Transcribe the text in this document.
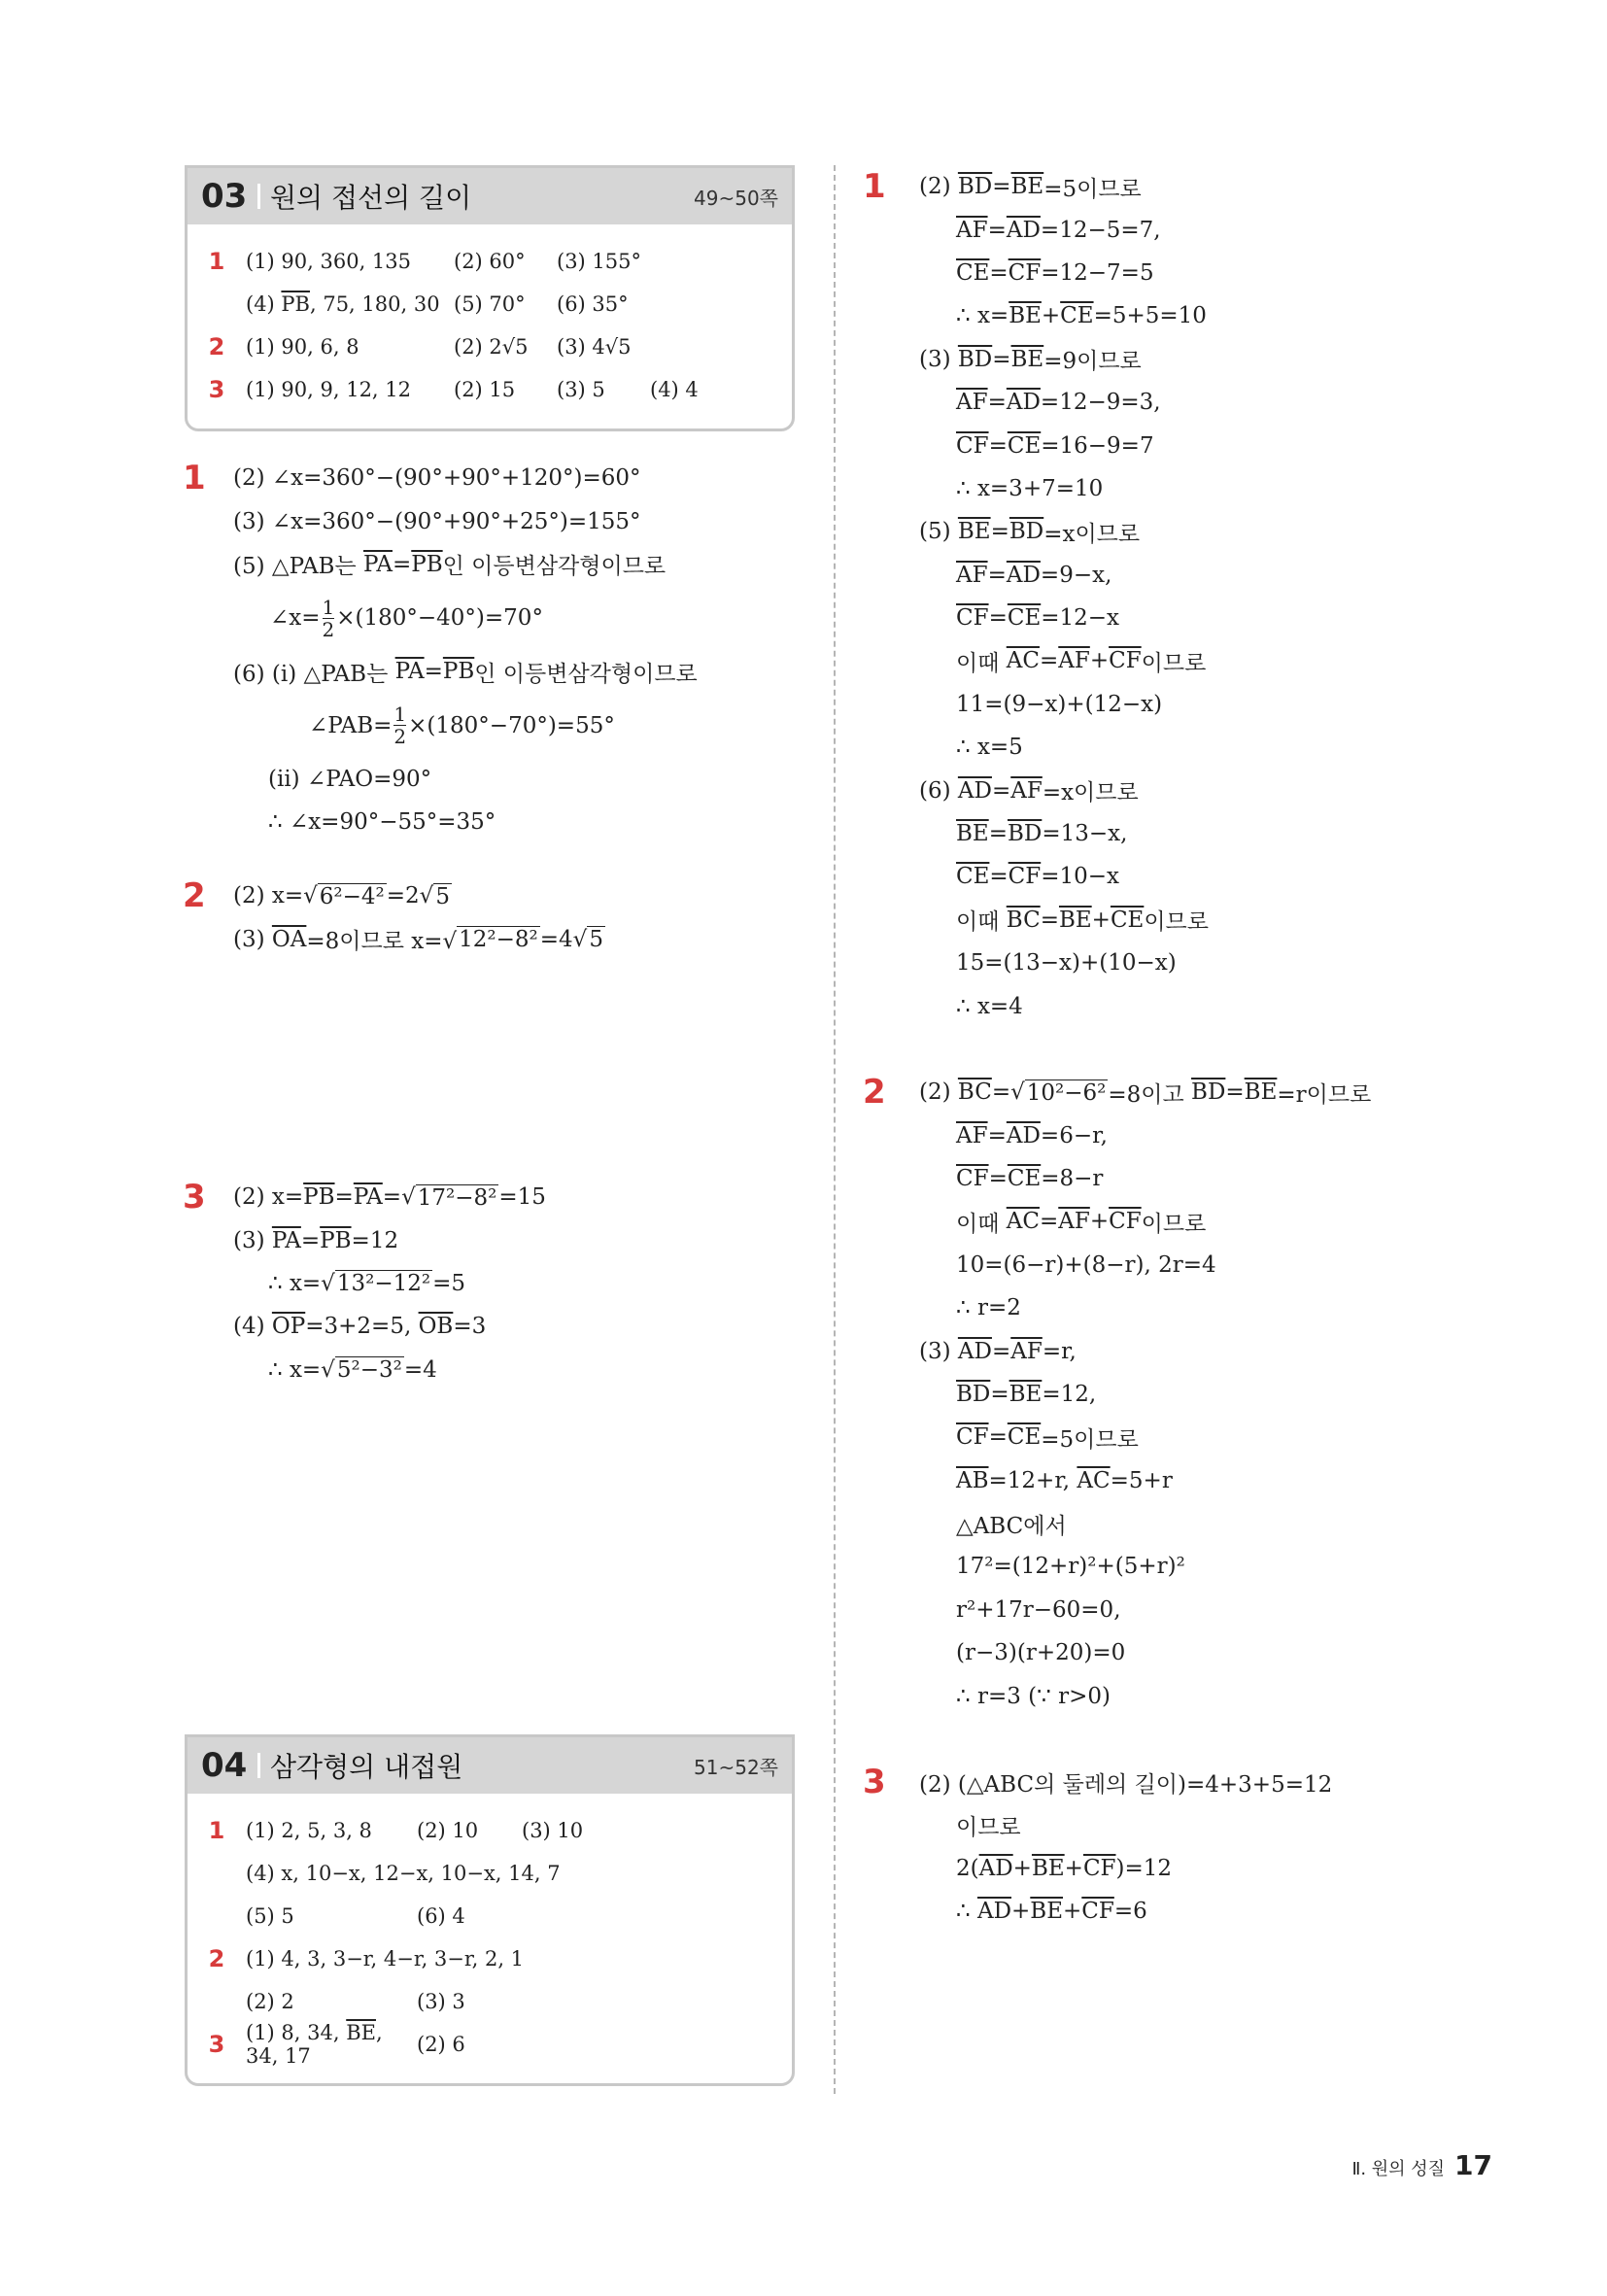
03 원의 접선의 길이	49~50쪽
1	(1) 90, 360, 135	(2) 60°	(3) 155°
(4) $\overline{PB}$, 75, 180, 30 (5) 70°	(6) 35°
2	(1) 90, 6, 8	(2) 2√5	(3) 4√5
3	(1) 90, 9, 12, 12	(2) 15	(3) 5	(4) 4
1 (2) ∠x=360°−(90°+90°+120°)=60°
(3) ∠x=360°−(90°+90°+25°)=155°
(5) △PAB는 $\overline{PA} = \overline{PB}$ 인 이등변삼각형이므로
∠x= $\frac{1}{2} \times(180^\circ-40^\circ)=70^\circ$
(6) (i) △PAB는 $\overline{PA} = \overline{PB}$ 인 이등변삼각형이므로
∠PAB= $\frac{1}{2} \times(180^\circ-70^\circ)=55^\circ$
(ii) ∠PAO=90°
∴ ∠x=90°−55°=35°
2 (2) x=√ 6²−4² =2√ 5
(3) $\overline{OA} =8$이므로 x=√ 12²−8² =4√ 5
3 (2) $x= \overline{PB} = \overline{PA}$ =√ 17²−8² =15
(3) $\overline{PA} = \overline{PB} =12$
∴ x=√ 13²−12² =5
(4) $\overline{OP} =3+2=5$, $\overline{OB} =3$
∴ x=√ 5²−3² =4
04 삼각형의 내접원	51~52쪽
1	(1) 2, 5, 3, 8	(2) 10	(3) 10
(4) x, 10−x, 12−x, 10−x, 14, 7
(5) 5	(6) 4
2	(1) 4, 3, 3−r, 4−r, 3−r, 2, 1
(2) 2	(3) 3
3	(1) 8, 34, $\overline{BE}$, 34, 17	(2) 6
1 (2) $\overline{BD} = \overline{BE} =5$이므로
$\overline{AF} = \overline{AD} =12-5=7$,
$\overline{CE} = \overline{CF} =12-7=5$
∴ $x= \overline{BE} + \overline{CE} =5+5=10$
(3) $\overline{BD} = \overline{BE} =9$이므로
$\overline{AF} = \overline{AD} =12-9=3$,
$\overline{CF} = \overline{CE} =16-9=7$
∴ x=3+7=10
(5) $\overline{BE} = \overline{BD} =x$이므로
$\overline{AF} = \overline{AD} =9-x$,
$\overline{CF} = \overline{CE} =12-x$
이때 $\overline{AC} = \overline{AF} + \overline{CF}$ 이므로
11=(9−x)+(12−x)
∴ x=5
(6) $\overline{AD} = \overline{AF} =x$이므로
$\overline{BE} = \overline{BD} =13-x$,
$\overline{CE} = \overline{CF} =10-x$
이때 $\overline{BC} = \overline{BE} + \overline{CE}$ 이므로
15=(13−x)+(10−x)
∴ x=4
2 (2) $\overline{BC}$ =√ 10²−6² =8이고 $\overline{BD} = \overline{BE} =r$이므로
$\overline{AF} = \overline{AD} =6-r$,
$\overline{CF} = \overline{CE} =8-r$
이때 $\overline{AC} = \overline{AF} + \overline{CF}$ 이므로
10=(6−r)+(8−r), 2r=4
∴ r=2
(3) $\overline{AD} = \overline{AF} =r$,
$\overline{BD} = \overline{BE} =12$,
$\overline{CF} = \overline{CE} =5$이므로
$\overline{AB} =12+r$, $\overline{AC} =5+r$
△ABC에서
17²=(12+r)²+(5+r)²
r²+17r−60=0,
(r−3)(r+20)=0
∴ r=3 (∵ r>0)
3 (2) (△ABC의 둘레의 길이)=4+3+5=12
이므로
2( $\overline{AD} + \overline{BE} + \overline{CF}$ )=12
∴ $\overline{AD} + \overline{BE} + \overline{CF} =6$
Ⅱ. 원의 성질 17
